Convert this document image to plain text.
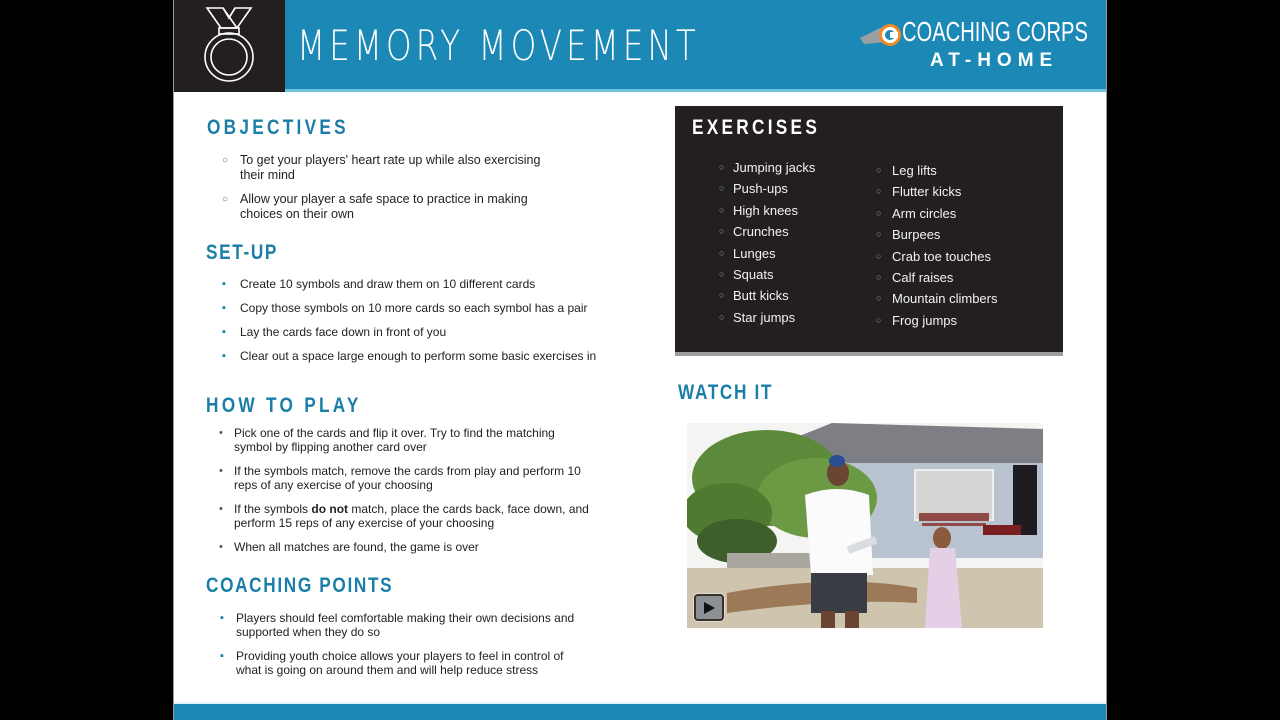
MEMORY MOVEMENT	COACHING CORPS
AT-HOME
OBJECTIVES
○ To get your players' heart rate up while also exercising their mind
○ Allow your player a safe space to practice in making choices on their own
SET-UP
▪ Create 10 symbols and draw them on 10 different cards
▪ Copy those symbols on 10 more cards so each symbol has a pair
▪ Lay the cards face down in front of you
▪ Clear out a space large enough to perform some basic exercises in
HOW TO PLAY
• Pick one of the cards and flip it over. Try to find the matching symbol by flipping another card over
• If the symbols match, remove the cards from play and perform 10 reps of any exercise of your choosing
• If the symbols do not match, place the cards back, face down, and perform 15 reps of any exercise of your choosing
• When all matches are found, the game is over
COACHING POINTS
▪ Players should feel comfortable making their own decisions and supported when they do so
▪ Providing youth choice allows your players to feel in control of what is going on around them and will help reduce stress
EXERCISES
○ Jumping jacks
○ Push-ups
○ High knees
○ Crunches
○ Lunges
○ Squats
○ Butt kicks
○ Star jumps
○ Leg lifts
○ Flutter kicks
○ Arm circles
○ Burpees
○ Crab toe touches
○ Calf raises
○ Mountain climbers
○ Frog jumps
WATCH IT
